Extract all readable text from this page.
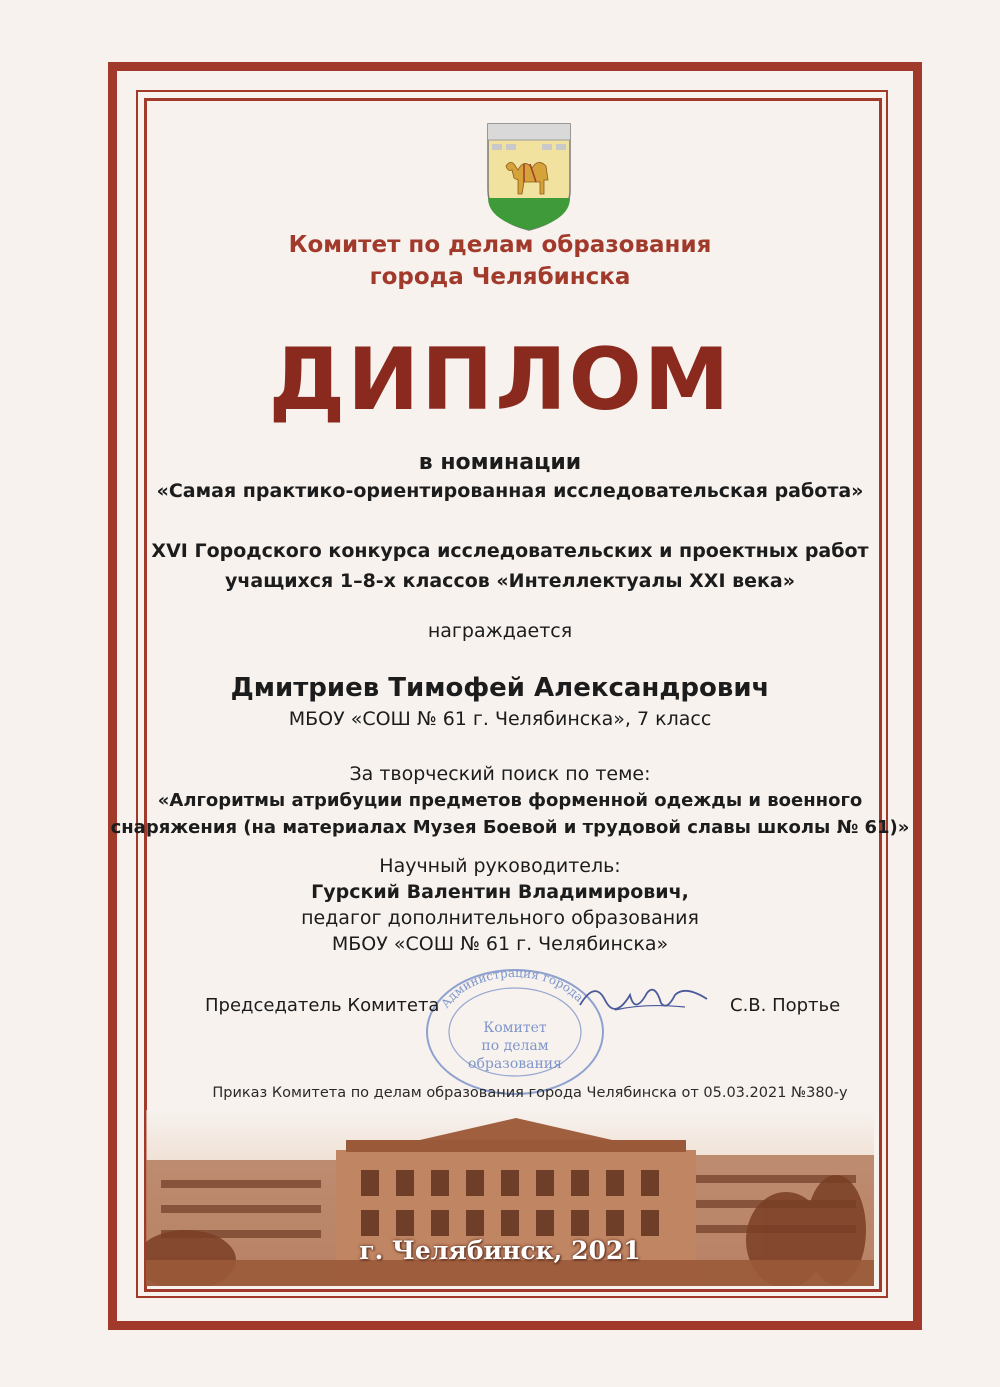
Комитет по делам образования
города Челябинска
ДИПЛОМ
в номинации
«Самая практико-ориентированная исследовательская работа»
XVI Городского конкурса исследовательских и проектных работ
учащихся 1–8-х классов «Интеллектуалы XXI века»
награждается
Дмитриев Тимофей Александрович
МБОУ «СОШ № 61 г. Челябинска», 7 класс
За творческий поиск по теме:
«Алгоритмы атрибуции предметов форменной одежды и военного
снаряжения (на материалах Музея Боевой и трудовой славы школы № 61)»
Научный руководитель:
Гурский Валентин Владимирович,
педагог дополнительного образования
МБОУ «СОШ № 61 г. Челябинска»
Администрация города
Комитет
по делам
образования
Председатель Комитета	С.В. Портье
Приказ Комитета по делам образования города Челябинска от 05.03.2021 №380-у
г. Челябинск, 2021
